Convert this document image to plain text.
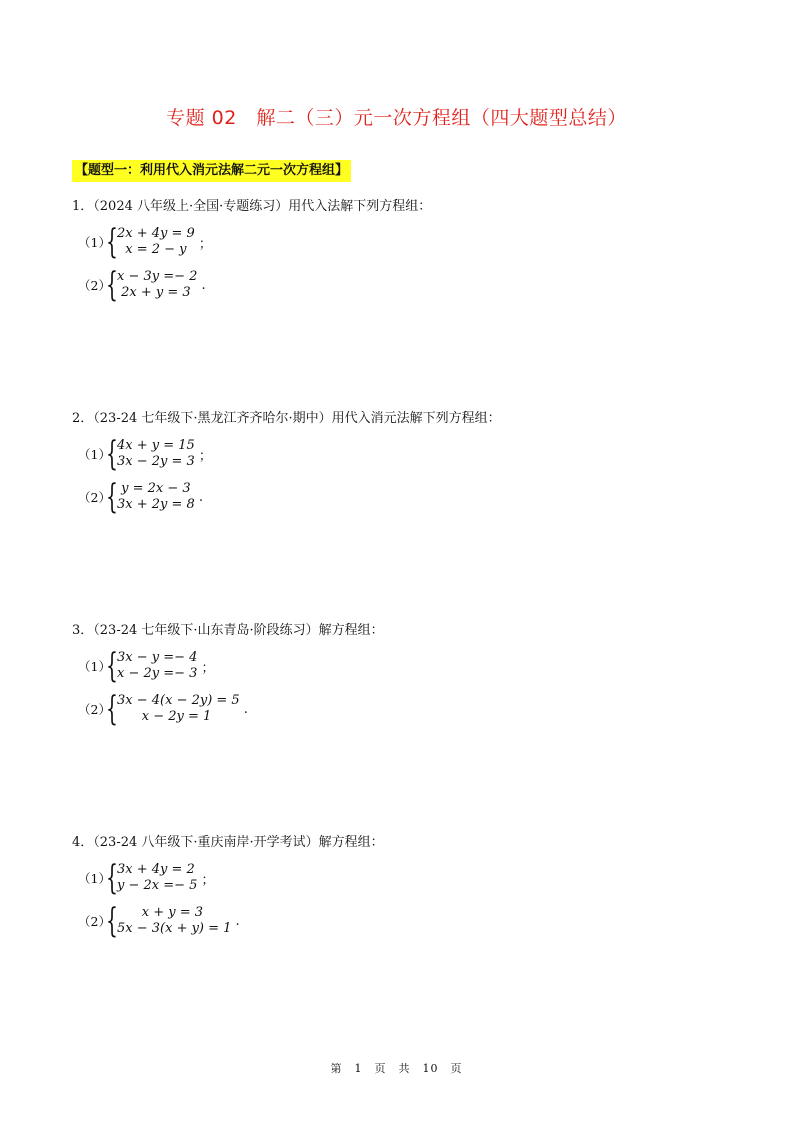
专题 02　解二（三）元一次方程组（四大题型总结）
【题型一：利用代入消元法解二元一次方程组】
1．（2024 八年级上·全国·专题练习）用代入法解下列方程组：
（1）
{ 2x + 4y = 9
x = 2 − y ；
（2）
{ x − 3y =− 2
2x + y = 3 .
2．（23-24 七年级下·黑龙江齐齐哈尔·期中）用代入消元法解下列方程组：
（1）
{ 4x + y = 15
3x − 2y = 3 ；
（2）
{ y = 2x − 3
3x + 2y = 8 .
3．（23-24 七年级下·山东青岛·阶段练习）解方程组：
（1）
{ 3x − y =− 4
x − 2y =− 3 ；
（2）
{ 3x − 4(x − 2y) = 5
x − 2y = 1	.
4．（23-24 八年级下·重庆南岸·开学考试）解方程组：
（1）
{ 3x + 4y = 2
y − 2x =− 5 ；
（2）
{ x + y = 3
5x − 3(x + y) = 1 .
第　1　页　共　10　页
